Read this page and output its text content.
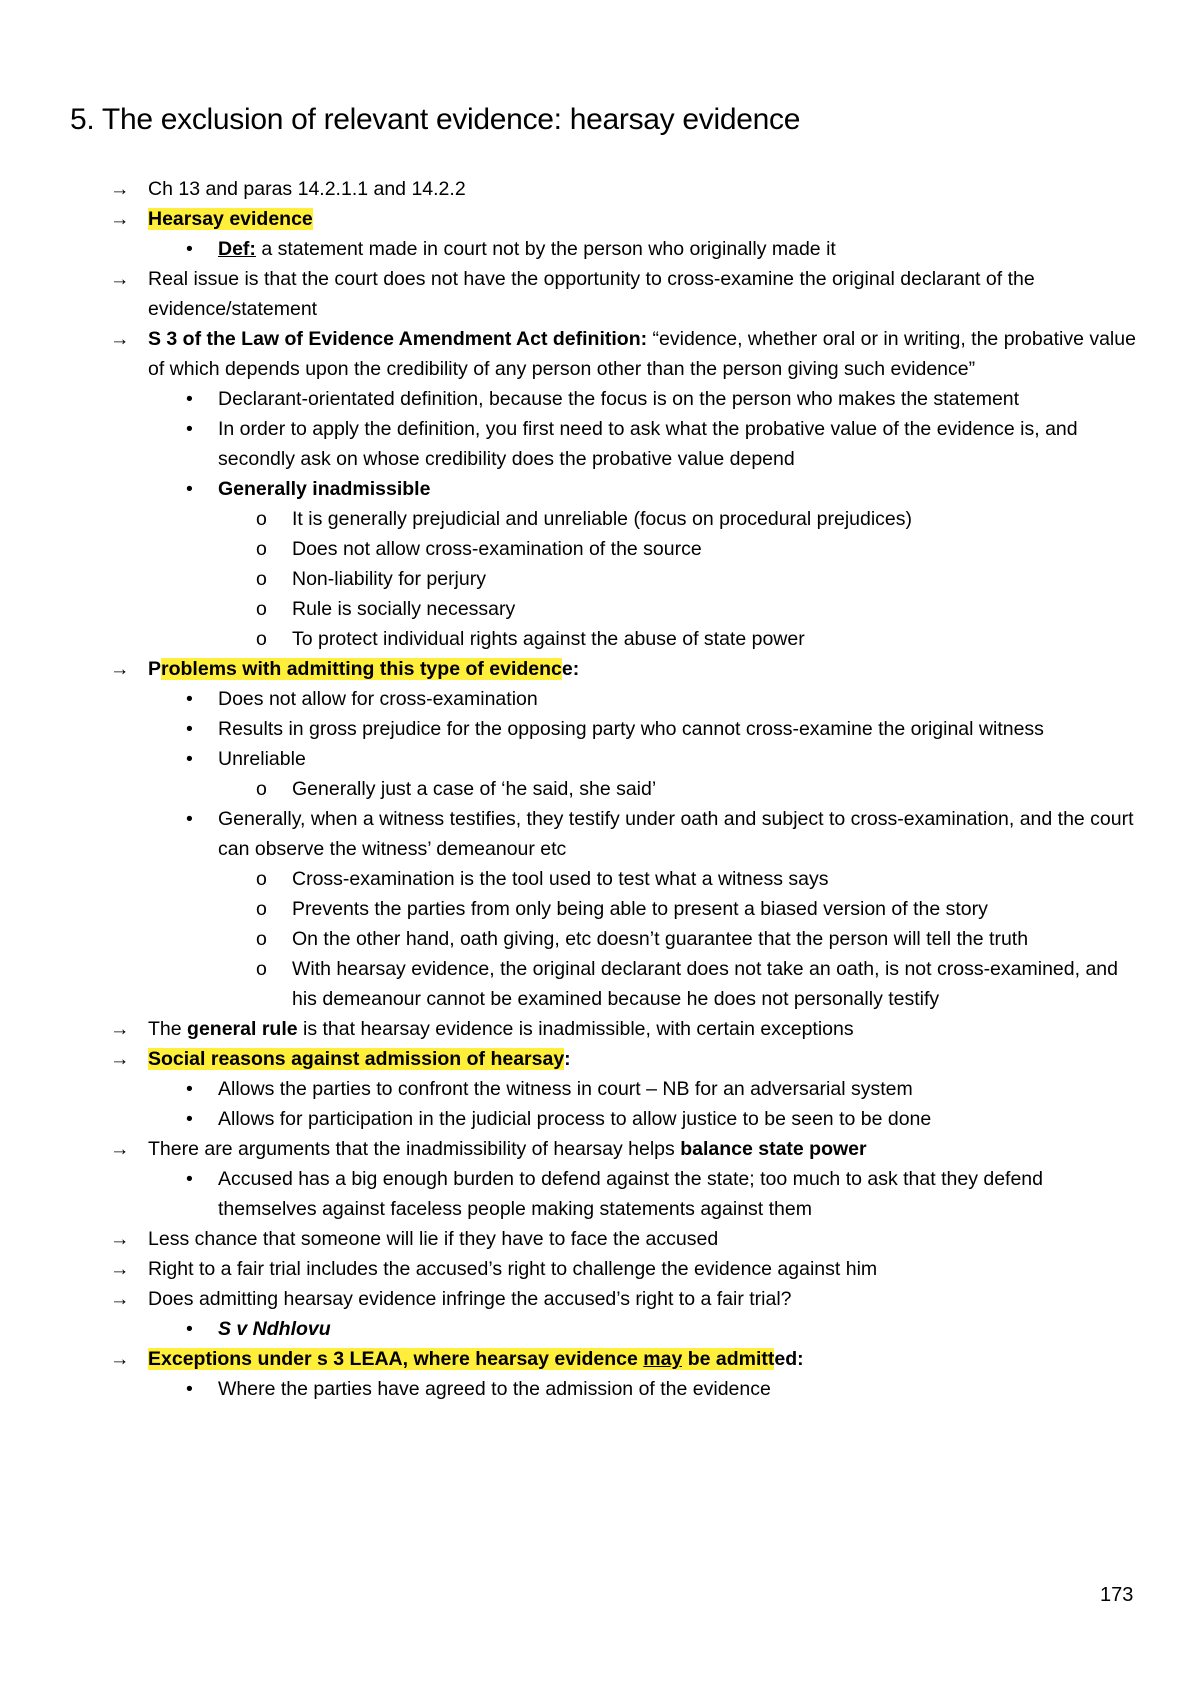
5. The exclusion of relevant evidence: hearsay evidence
→ Ch 13 and paras 14.2.1.1 and 14.2.2
→ Hearsay evidence
•	Def: a statement made in court not by the person who originally made it
→ Real issue is that the court does not have the opportunity to cross-examine the original declarant of the evidence/statement
→ S 3 of the Law of Evidence Amendment Act definition: “evidence, whether oral or in writing, the probative value of which depends upon the credibility of any person other than the person giving such evidence”
•	Declarant-orientated definition, because the focus is on the person who makes the statement
•	In order to apply the definition, you first need to ask what the probative value of the evidence is, and secondly ask on whose credibility does the probative value depend
•	Generally inadmissible
o	It is generally prejudicial and unreliable (focus on procedural prejudices)
o	Does not allow cross-examination of the source
o	Non-liability for perjury
o	Rule is socially necessary
o	To protect individual rights against the abuse of state power
→ Problems with admitting this type of evidence:
•	Does not allow for cross-examination
•	Results in gross prejudice for the opposing party who cannot cross-examine the original witness
•	Unreliable
o	Generally just a case of ‘he said, she said’
•	Generally, when a witness testifies, they testify under oath and subject to cross-examination, and the court can observe the witness’ demeanour etc
o	Cross-examination is the tool used to test what a witness says
o	Prevents the parties from only being able to present a biased version of the story
o	On the other hand, oath giving, etc doesn’t guarantee that the person will tell the truth
o	With hearsay evidence, the original declarant does not take an oath, is not cross-examined, and his demeanour cannot be examined because he does not personally testify
→ The general rule is that hearsay evidence is inadmissible, with certain exceptions
→ Social reasons against admission of hearsay:
•	Allows the parties to confront the witness in court – NB for an adversarial system
•	Allows for participation in the judicial process to allow justice to be seen to be done
→ There are arguments that the inadmissibility of hearsay helps balance state power
•	Accused has a big enough burden to defend against the state; too much to ask that they defend themselves against faceless people making statements against them
→ Less chance that someone will lie if they have to face the accused
→ Right to a fair trial includes the accused’s right to challenge the evidence against him
→ Does admitting hearsay evidence infringe the accused’s right to a fair trial?
•	S v Ndhlovu
→ Exceptions under s 3 LEAA, where hearsay evidence may be admitted:
•	Where the parties have agreed to the admission of the evidence
173
